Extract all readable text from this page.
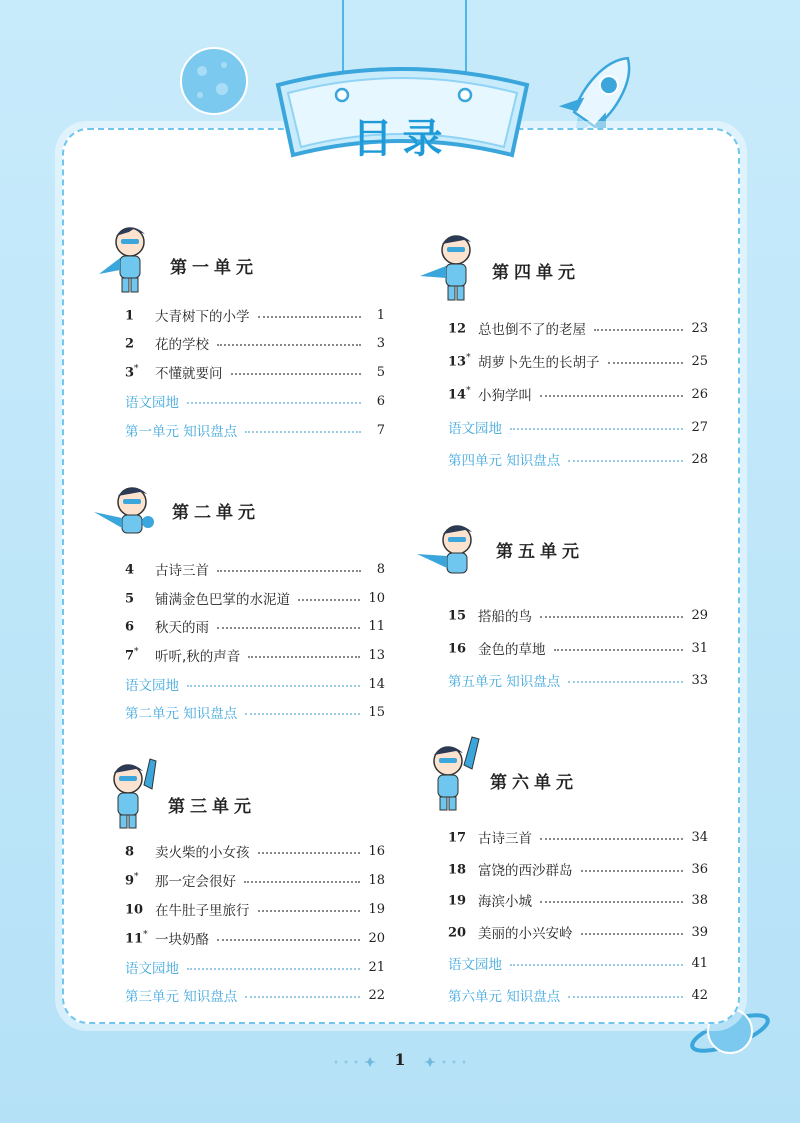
目录
第一单元
1	大青树下的小学	1
2	花的学校	3
3*	不懂就要问	5
语文园地	6
第一单元 知识盘点	7
第二单元
4	古诗三首	8
5	铺满金色巴掌的水泥道	10
6	秋天的雨	11
7*	听听,秋的声音	13
语文园地	14
第二单元 知识盘点	15
第三单元
8	卖火柴的小女孩	16
9*	那一定会很好	18
10 在牛肚子里旅行	19
11* 一块奶酪	20
语文园地	21
第三单元 知识盘点	22
第四单元
12 总也倒不了的老屋	23
13* 胡萝卜先生的长胡子	25
14* 小狗学叫	26
语文园地	27
第四单元 知识盘点	28
第五单元
15 搭船的鸟	29
16 金色的草地	31
第五单元 知识盘点	33
第六单元
17 古诗三首	34
18 富饶的西沙群岛	36
19 海滨小城	38
20 美丽的小兴安岭	39
语文园地	41
第六单元 知识盘点	42
1
